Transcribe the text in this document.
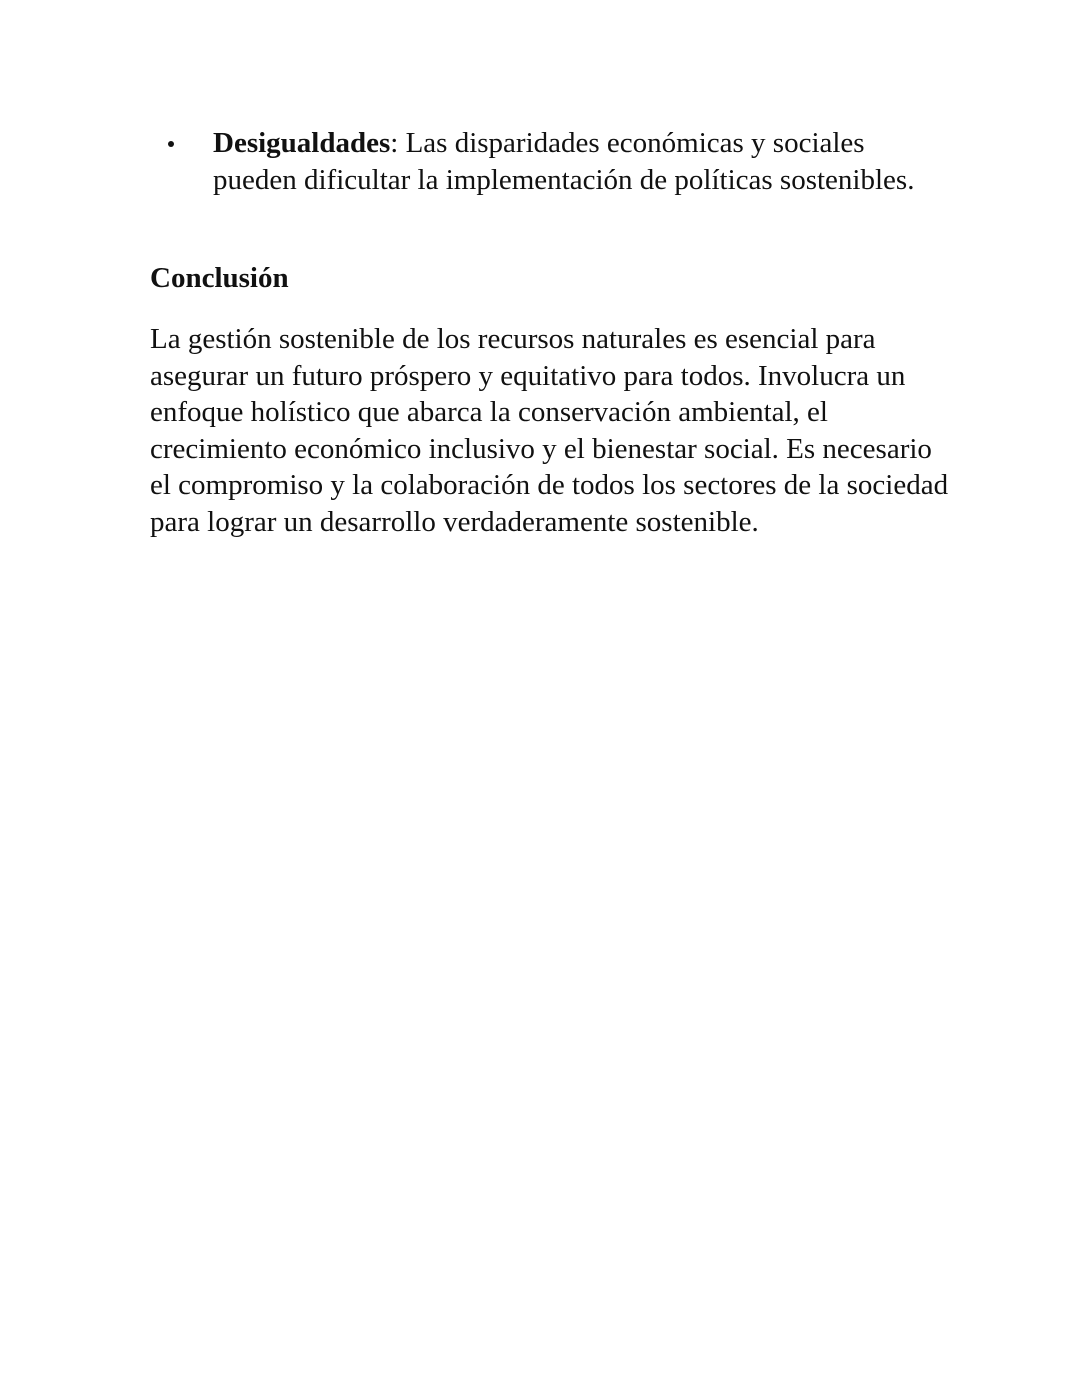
Desigualdades: Las disparidades económicas y sociales pueden dificultar la implementación de políticas sostenibles.
Conclusión

La gestión sostenible de los recursos naturales es esencial para asegurar un futuro próspero y equitativo para todos. Involucra un enfoque holístico que abarca la conservación ambiental, el crecimiento económico inclusivo y el bienestar social. Es necesario el compromiso y la colaboración de todos los sectores de la sociedad para lograr un desarrollo verdaderamente sostenible.
